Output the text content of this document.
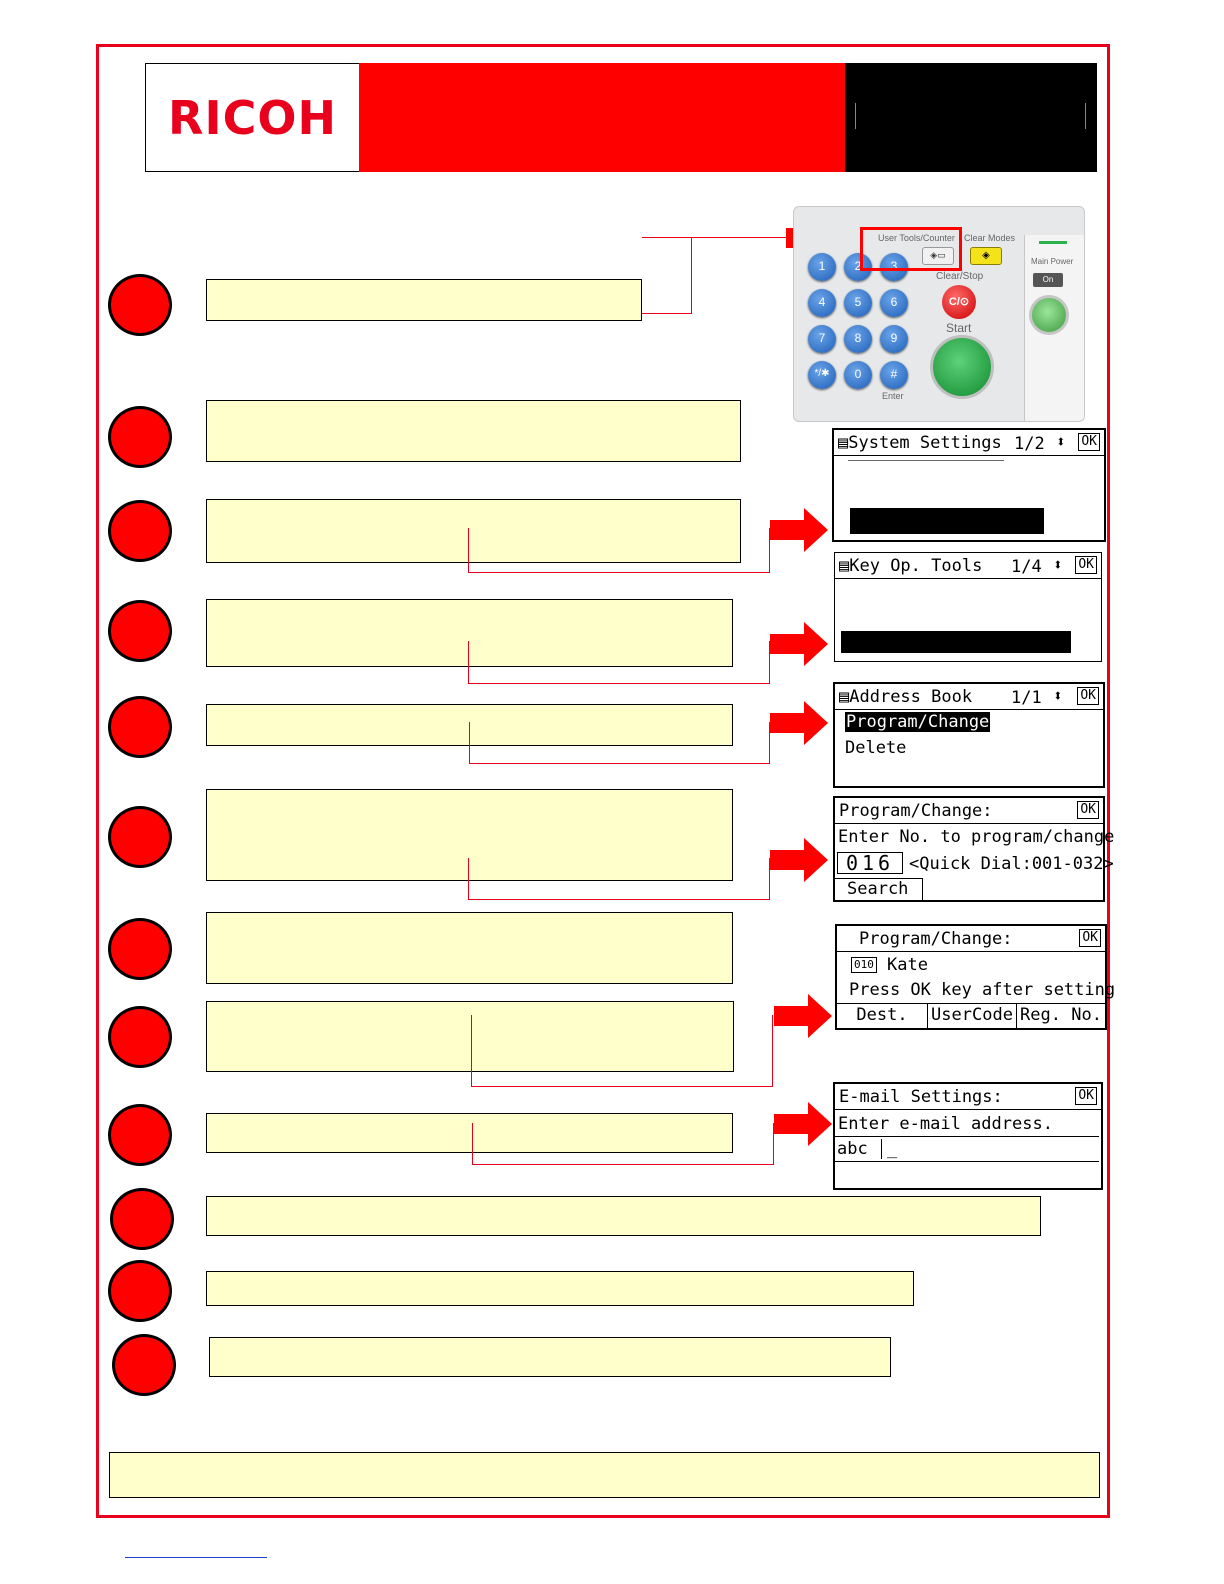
RICOH
User Tools/Counter Clear Modes
◈▭	◈
Clear/Stop
C/⊙
Start
1	2	3
4	5	6
7	8	9
*/✱	0	#
Enter
Main Power
On
▤ System Settings 1/2 ⬍ OK
▤ Key Op. Tools 1/4 ⬍ OK
▤ Address Book 1/1 ⬍ OK
Program/Change
Delete
Program/Change:	OK
Enter No. to program/change
016 <Quick Dial:001-032>
Search
Program/Change:	OK
010 Kate
Press OK key after setting
Dest.	UserCode Reg. No.
E-mail Settings:	OK
Enter e-mail address.
abc	_
